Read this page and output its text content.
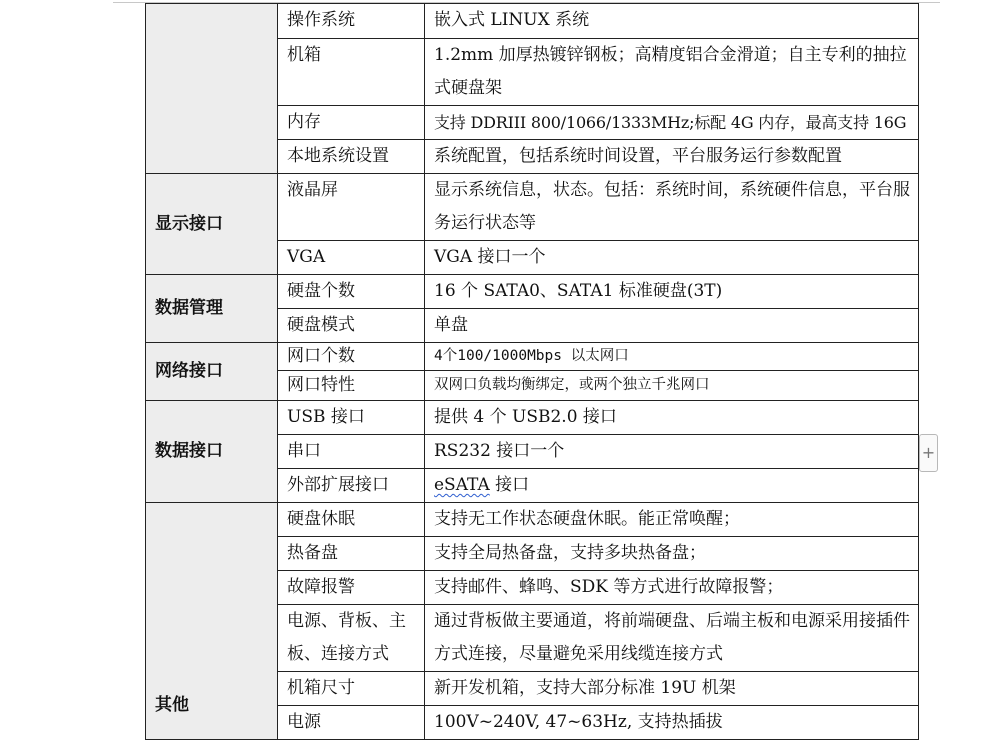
	操作系统	嵌入式 LINUX 系统
	机箱	1.2mm 加厚热镀锌钢板；高精度铝合金滑道；自主专利的抽拉式硬盘架
	内存	支持 DDRIII 800/1066/1333MHz;标配 4G 内存，最高支持 16G
	本地系统设置	系统配置，包括系统时间设置，平台服务运行参数配置
显示接口	液晶屏	显示系统信息，状态。包括：系统时间，系统硬件信息，平台服务运行状态等
	VGA	VGA 接口一个
数据管理	硬盘个数	16 个 SATA0、SATA1 标准硬盘(3T)
	硬盘模式	单盘
网络接口	网口个数	4个100/1000Mbps 以太网口
	网口特性	双网口负载均衡绑定，或两个独立千兆网口
数据接口	USB 接口	提供 4 个 USB2.0 接口
	串口	RS232 接口一个
	外部扩展接口	eSATA 接口
其他	硬盘休眠	支持无工作状态硬盘休眠。能正常唤醒；
	热备盘	支持全局热备盘，支持多块热备盘；
	故障报警	支持邮件、蜂鸣、SDK 等方式进行故障报警；
	电源、背板、主板、连接方式	通过背板做主要通道，将前端硬盘、后端主板和电源采用接插件方式连接，尽量避免采用线缆连接方式
	机箱尺寸	新开发机箱，支持大部分标准 19U 机架
	电源	100V~240V, 47~63Hz, 支持热插拔
+
